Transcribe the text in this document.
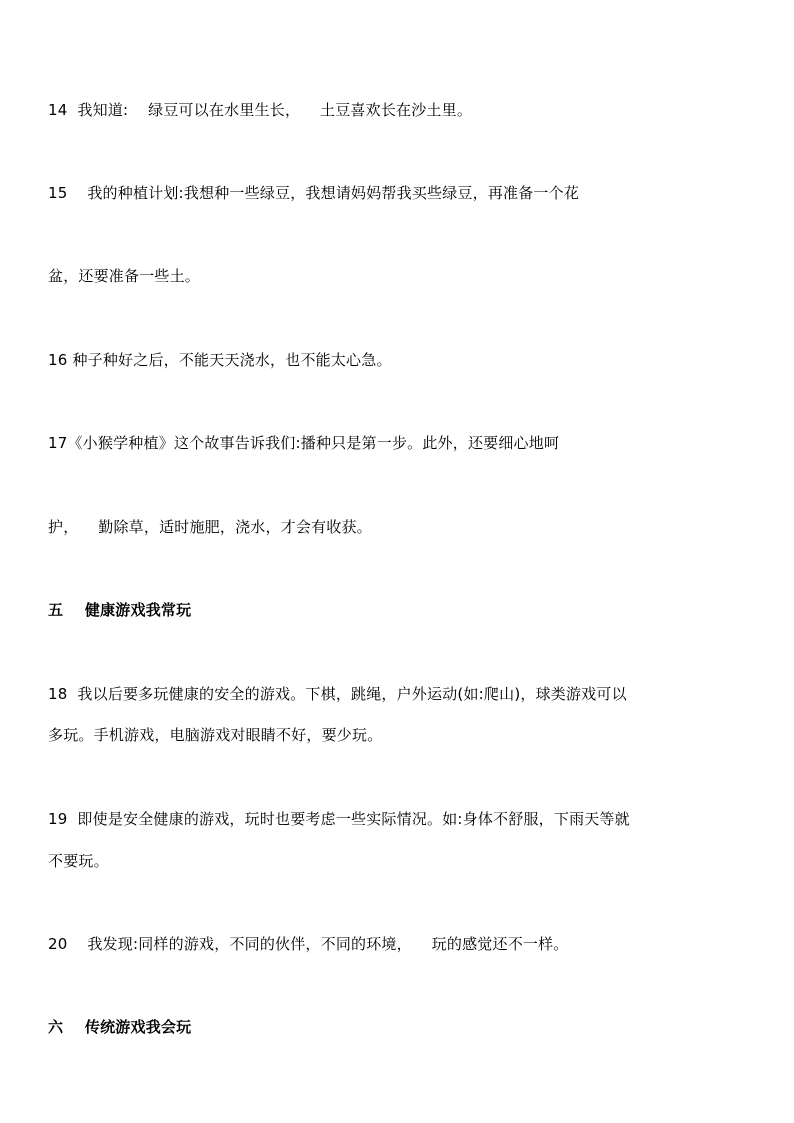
14  我知道:    绿豆可以在水里生长，    土豆喜欢长在沙土里。
15    我的种植计划:我想种一些绿豆，我想请妈妈帮我买些绿豆，再准备一个花
盆，还要准备一些土。
16 种子种好之后，不能天天浇水，也不能太心急。
17《小猴学种植》这个故事告诉我们:播种只是第一步。此外，还要细心地呵
护，    勤除草，适时施肥，浇水，才会有收获。
五    健康游戏我常玩
18  我以后要多玩健康的安全的游戏。下棋，跳绳，户外运动(如:爬山)，球类游戏可以
多玩。手机游戏，电脑游戏对眼睛不好，要少玩。
19  即使是安全健康的游戏，玩时也要考虑一些实际情况。如:身体不舒服，下雨天等就
不要玩。
20    我发现:同样的游戏，不同的伙伴，不同的环境，    玩的感觉还不一样。
六    传统游戏我会玩
